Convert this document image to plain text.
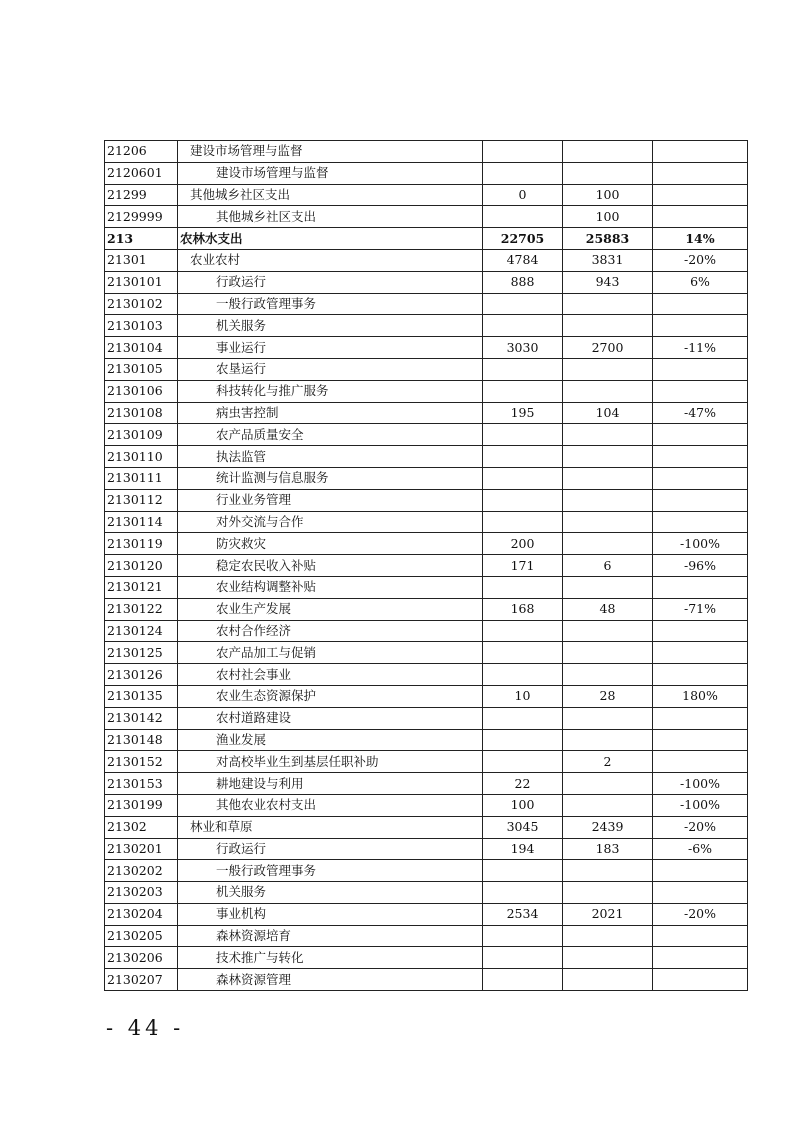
21206	建设市场管理与监督			
2120601	建设市场管理与监督			
21299	其他城乡社区支出	0	100	
2129999	其他城乡社区支出		100	
213	农林水支出	22705	25883	14%
21301	农业农村	4784	3831	-20%
2130101	行政运行	888	943	6%
2130102	一般行政管理事务			
2130103	机关服务			
2130104	事业运行	3030	2700	-11%
2130105	农垦运行			
2130106	科技转化与推广服务			
2130108	病虫害控制	195	104	-47%
2130109	农产品质量安全			
2130110	执法监管			
2130111	统计监测与信息服务			
2130112	行业业务管理			
2130114	对外交流与合作			
2130119	防灾救灾	200		-100%
2130120	稳定农民收入补贴	171	6	-96%
2130121	农业结构调整补贴			
2130122	农业生产发展	168	48	-71%
2130124	农村合作经济			
2130125	农产品加工与促销			
2130126	农村社会事业			
2130135	农业生态资源保护	10	28	180%
2130142	农村道路建设			
2130148	渔业发展			
2130152	对高校毕业生到基层任职补助		2	
2130153	耕地建设与利用	22		-100%
2130199	其他农业农村支出	100		-100%
21302	林业和草原	3045	2439	-20%
2130201	行政运行	194	183	-6%
2130202	一般行政管理事务			
2130203	机关服务			
2130204	事业机构	2534	2021	-20%
2130205	森林资源培育			
2130206	技术推广与转化			
2130207	森林资源管理			
- 44 -
